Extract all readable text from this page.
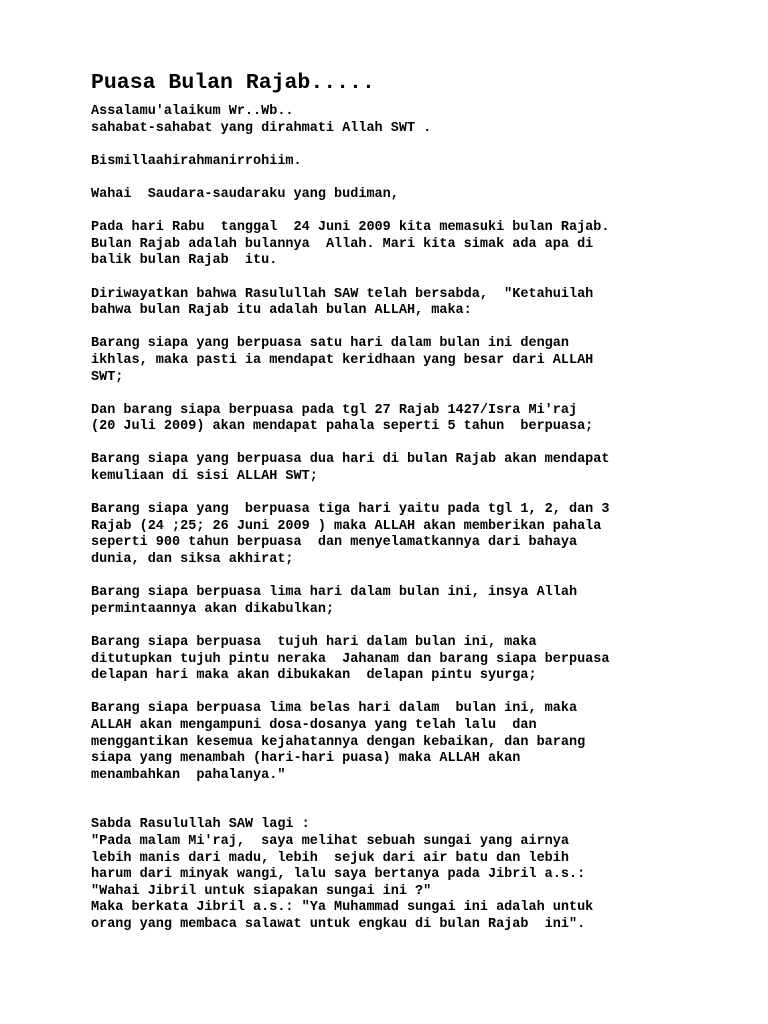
Puasa Bulan Rajab.....
Assalamu'alaikum Wr..Wb..
sahabat-sahabat yang dirahmati Allah SWT .
Bismillaahirahmanirrohiim.
Wahai  Saudara-saudaraku yang budiman,
Pada hari Rabu  tanggal  24 Juni 2009 kita memasuki bulan Rajab.
Bulan Rajab adalah bulannya  Allah. Mari kita simak ada apa di
balik bulan Rajab  itu.
Diriwayatkan bahwa Rasulullah SAW telah bersabda,  "Ketahuilah
bahwa bulan Rajab itu adalah bulan ALLAH, maka:
Barang siapa yang berpuasa satu hari dalam bulan ini dengan
ikhlas, maka pasti ia mendapat keridhaan yang besar dari ALLAH
SWT;
Dan barang siapa berpuasa pada tgl 27 Rajab 1427/Isra Mi'raj
(20 Juli 2009) akan mendapat pahala seperti 5 tahun  berpuasa;
Barang siapa yang berpuasa dua hari di bulan Rajab akan mendapat
kemuliaan di sisi ALLAH SWT;
Barang siapa yang  berpuasa tiga hari yaitu pada tgl 1, 2, dan 3
Rajab (24 ;25; 26 Juni 2009 ) maka ALLAH akan memberikan pahala
seperti 900 tahun berpuasa  dan menyelamatkannya dari bahaya
dunia, dan siksa akhirat;
Barang siapa berpuasa lima hari dalam bulan ini, insya Allah
permintaannya akan dikabulkan;
Barang siapa berpuasa  tujuh hari dalam bulan ini, maka
ditutupkan tujuh pintu neraka  Jahanam dan barang siapa berpuasa
delapan hari maka akan dibukakan  delapan pintu syurga;
Barang siapa berpuasa lima belas hari dalam  bulan ini, maka
ALLAH akan mengampuni dosa-dosanya yang telah lalu  dan
menggantikan kesemua kejahatannya dengan kebaikan, dan barang
siapa yang menambah (hari-hari puasa) maka ALLAH akan
menambahkan  pahalanya."
Sabda Rasulullah SAW lagi :
"Pada malam Mi'raj,  saya melihat sebuah sungai yang airnya
lebih manis dari madu, lebih  sejuk dari air batu dan lebih
harum dari minyak wangi, lalu saya bertanya pada Jibril a.s.:
"Wahai Jibril untuk siapakan sungai ini ?"
Maka berkata Jibril a.s.: "Ya Muhammad sungai ini adalah untuk
orang yang membaca salawat untuk engkau di bulan Rajab  ini".
